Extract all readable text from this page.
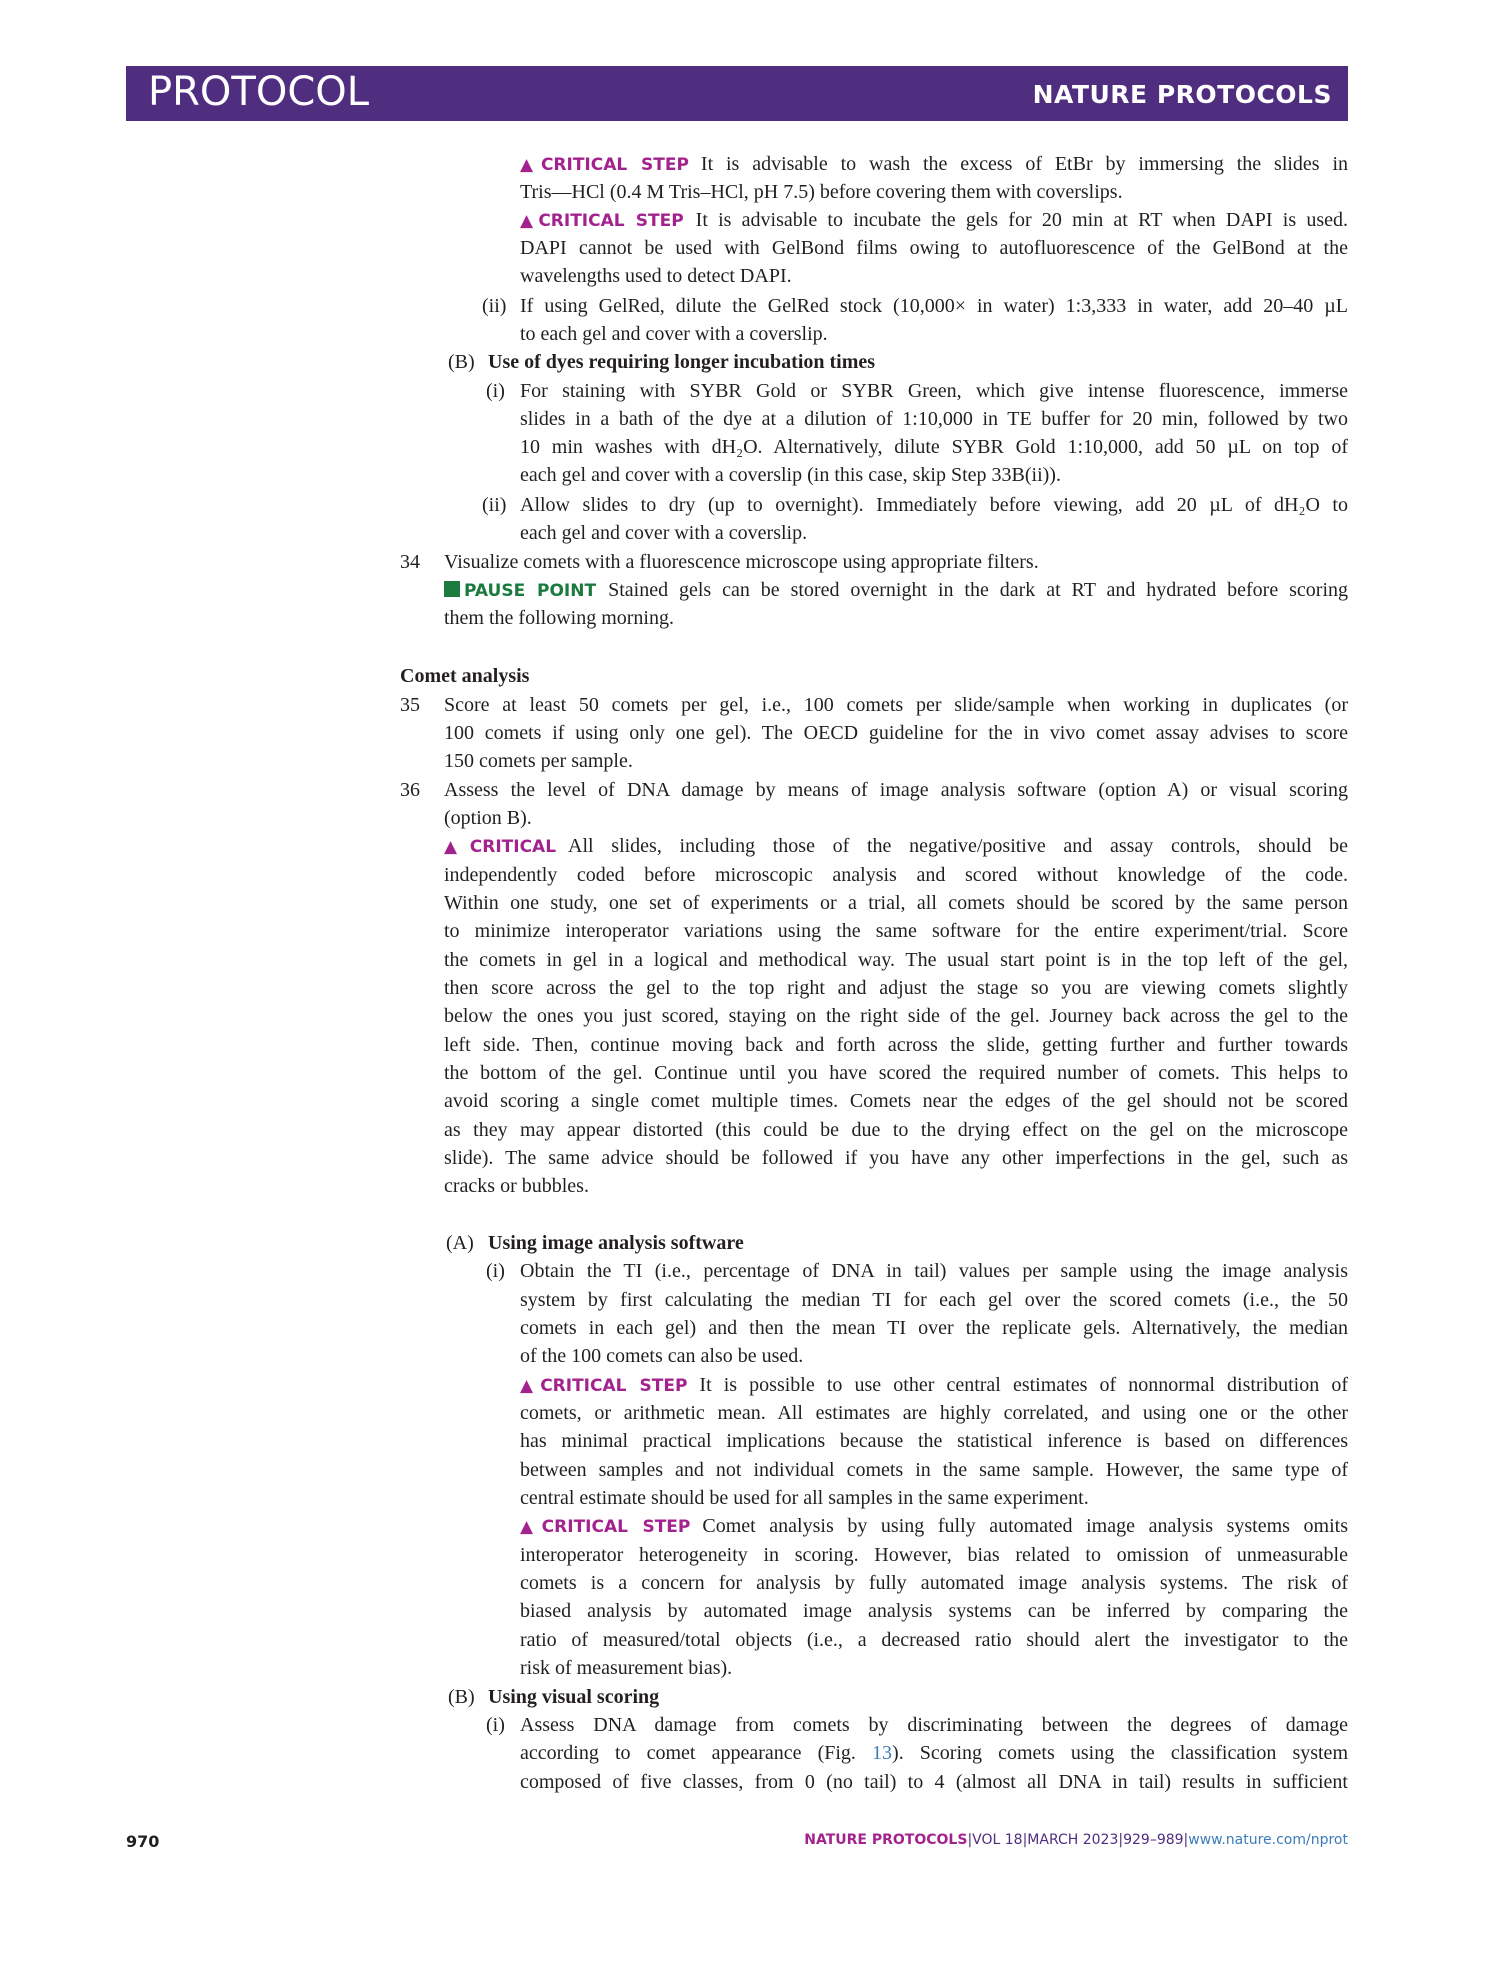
PROTOCOL	NATURE PROTOCOLS
▲CRITICAL STEP It is advisable to wash the excess of EtBr by immersing the slides in
Tris––HCl (0.4 M Tris–HCl, pH 7.5) before covering them with coverslips.
▲CRITICAL STEP It is advisable to incubate the gels for 20 min at RT when DAPI is used.
DAPI cannot be used with GelBond films owing to autofluorescence of the GelBond at the
wavelengths used to detect DAPI.
(ii) If using GelRed, dilute the GelRed stock (10,000× in water) 1:3,333 in water, add 20–40 µL
to each gel and cover with a coverslip.
(B) Use of dyes requiring longer incubation times
(i) For staining with SYBR Gold or SYBR Green, which give intense fluorescence, immerse
slides in a bath of the dye at a dilution of 1:10,000 in TE buffer for 20 min, followed by two
10 min washes with dH₂O. Alternatively, dilute SYBR Gold 1:10,000, add 50 µL on top of
each gel and cover with a coverslip (in this case, skip Step 33B(ii)).
(ii) Allow slides to dry (up to overnight). Immediately before viewing, add 20 µL of dH₂O to
each gel and cover with a coverslip.
34 Visualize comets with a fluorescence microscope using appropriate filters.
PAUSE POINT Stained gels can be stored overnight in the dark at RT and hydrated before scoring
them the following morning.
Comet analysis
35 Score at least 50 comets per gel, i.e., 100 comets per slide/sample when working in duplicates (or
100 comets if using only one gel). The OECD guideline for the in vivo comet assay advises to score
150 comets per sample.
36 Assess the level of DNA damage by means of image analysis software (option A) or visual scoring
(option B).
▲CRITICAL All slides, including those of the negative/positive and assay controls, should be
independently coded before microscopic analysis and scored without knowledge of the code.
Within one study, one set of experiments or a trial, all comets should be scored by the same person
to minimize interoperator variations using the same software for the entire experiment/trial. Score
the comets in gel in a logical and methodical way. The usual start point is in the top left of the gel,
then score across the gel to the top right and adjust the stage so you are viewing comets slightly
below the ones you just scored, staying on the right side of the gel. Journey back across the gel to the
left side. Then, continue moving back and forth across the slide, getting further and further towards
the bottom of the gel. Continue until you have scored the required number of comets. This helps to
avoid scoring a single comet multiple times. Comets near the edges of the gel should not be scored
as they may appear distorted (this could be due to the drying effect on the gel on the microscope
slide). The same advice should be followed if you have any other imperfections in the gel, such as
cracks or bubbles.
(A) Using image analysis software
(i) Obtain the TI (i.e., percentage of DNA in tail) values per sample using the image analysis
system by first calculating the median TI for each gel over the scored comets (i.e., the 50
comets in each gel) and then the mean TI over the replicate gels. Alternatively, the median
of the 100 comets can also be used.
▲CRITICAL STEP It is possible to use other central estimates of nonnormal distribution of
comets, or arithmetic mean. All estimates are highly correlated, and using one or the other
has minimal practical implications because the statistical inference is based on differences
between samples and not individual comets in the same sample. However, the same type of
central estimate should be used for all samples in the same experiment.
▲CRITICAL STEP Comet analysis by using fully automated image analysis systems omits
interoperator heterogeneity in scoring. However, bias related to omission of unmeasurable
comets is a concern for analysis by fully automated image analysis systems. The risk of
biased analysis by automated image analysis systems can be inferred by comparing the
ratio of measured/total objects (i.e., a decreased ratio should alert the investigator to the
risk of measurement bias).
(B) Using visual scoring
(i) Assess DNA damage from comets by discriminating between the degrees of damage
according to comet appearance (Fig. 13). Scoring comets using the classification system
composed of five classes, from 0 (no tail) to 4 (almost all DNA in tail) results in sufficient
970	NATURE PROTOCOLS|VOL 18|MARCH 2023|929–989|www.nature.com/nprot
